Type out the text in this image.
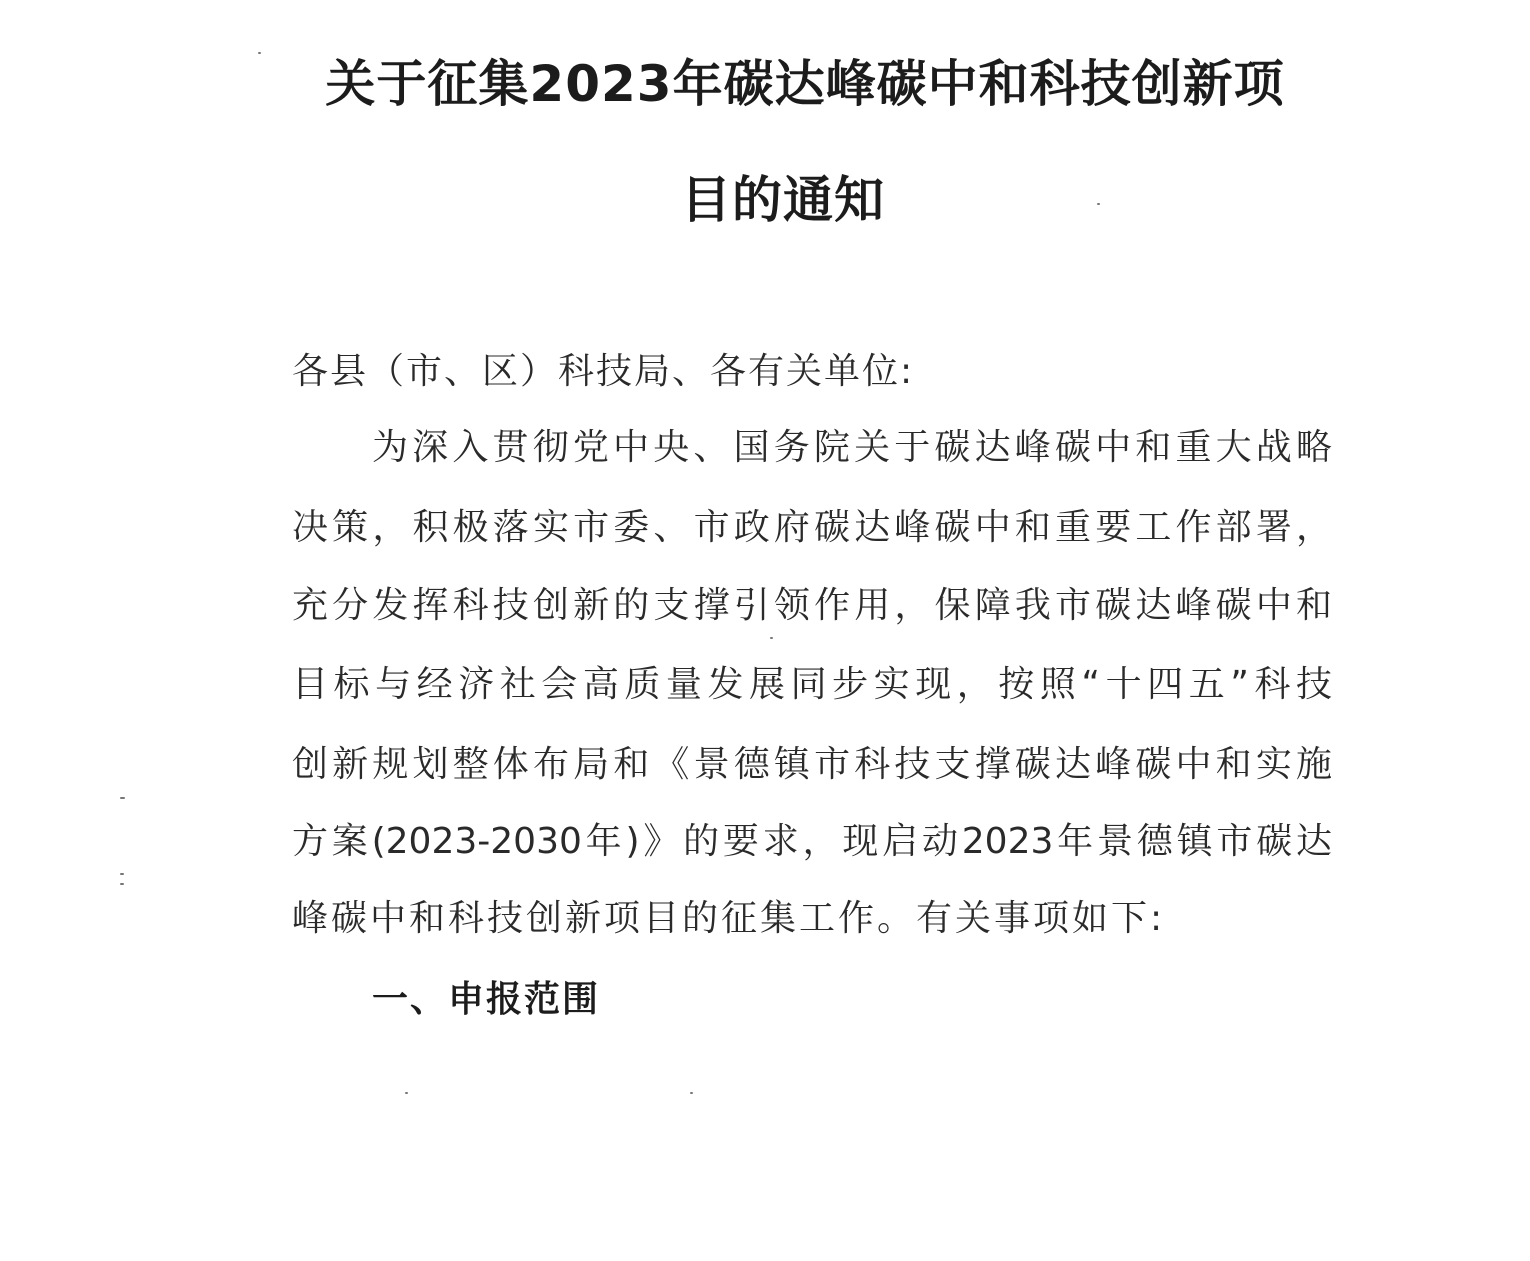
关于征集2023年碳达峰碳中和科技创新项
目的通知
各县（市、区）科技局、各有关单位:
为深入贯彻党中央、国务院关于碳达峰碳中和重大战略
决策，积极落实市委、市政府碳达峰碳中和重要工作部署，
充分发挥科技创新的支撑引领作用，保障我市碳达峰碳中和
目标与经济社会高质量发展同步实现，按照“十四五”科技
创新规划整体布局和《景德镇市科技支撑碳达峰碳中和实施
方案(2023-2030年)》的要求，现启动2023年景德镇市碳达
峰碳中和科技创新项目的征集工作。有关事项如下:
一、申报范围
